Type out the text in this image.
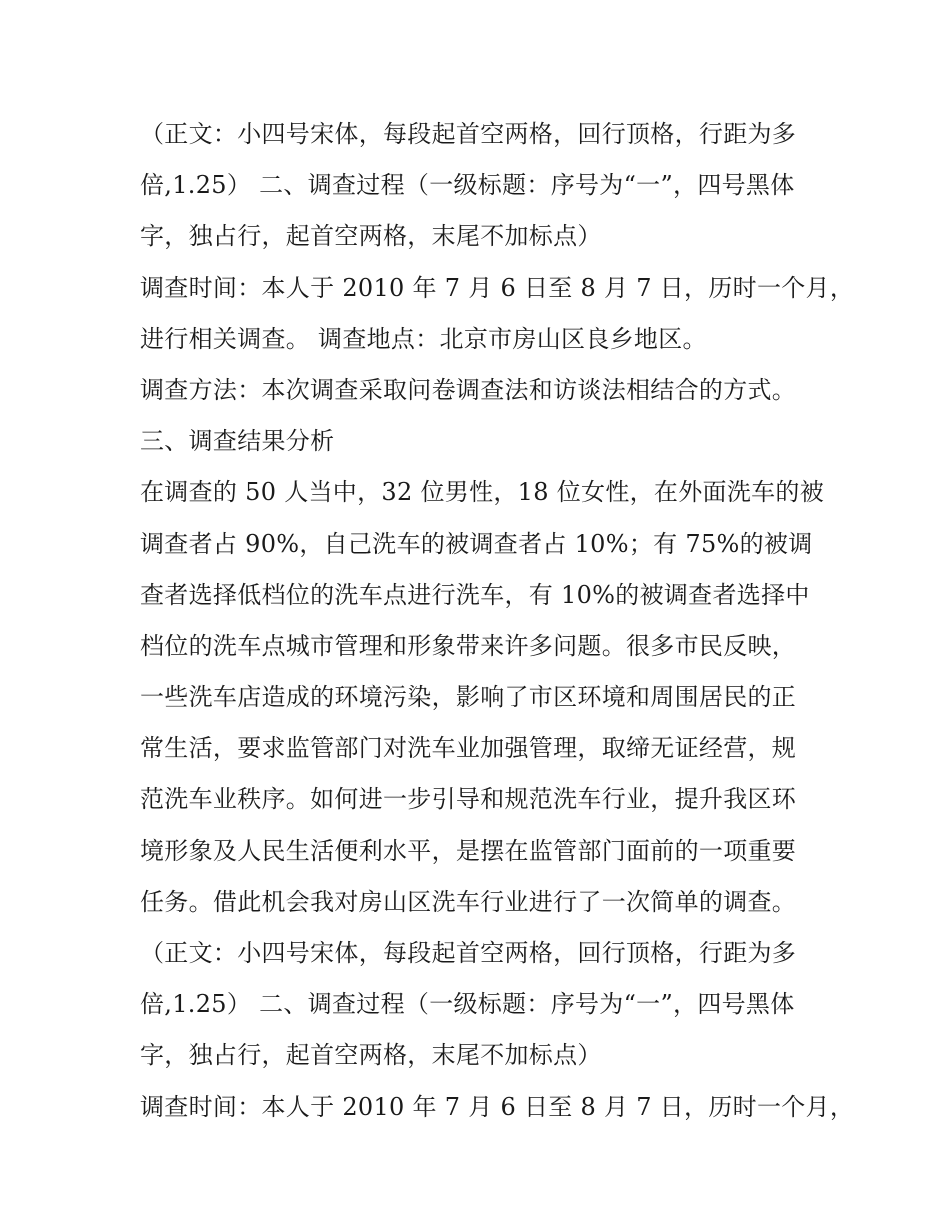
（正文：小四号宋体，每段起首空两格，回行顶格，行距为多
倍,1.25） 二、调查过程（一级标题：序号为“一”，四号黑体
字，独占行，起首空两格，末尾不加标点）
调查时间：本人于 2010 年 7 月 6 日至 8 月 7 日，历时一个月，
进行相关调查。 调查地点：北京市房山区良乡地区。
调查方法：本次调查采取问卷调查法和访谈法相结合的方式。
三、调查结果分析
在调查的 50 人当中，32 位男性，18 位女性，在外面洗车的被
调查者占 90%，自己洗车的被调查者占 10%；有 75%的被调
查者选择低档位的洗车点进行洗车，有 10%的被调查者选择中
档位的洗车点城市管理和形象带来许多问题。很多市民反映，
一些洗车店造成的环境污染，影响了市区环境和周围居民的正
常生活，要求监管部门对洗车业加强管理，取缔无证经营，规
范洗车业秩序。如何进一步引导和规范洗车行业，提升我区环
境形象及人民生活便利水平，是摆在监管部门面前的一项重要
任务。借此机会我对房山区洗车行业进行了一次简单的调查。
（正文：小四号宋体，每段起首空两格，回行顶格，行距为多
倍,1.25） 二、调查过程（一级标题：序号为“一”，四号黑体
字，独占行，起首空两格，末尾不加标点）
调查时间：本人于 2010 年 7 月 6 日至 8 月 7 日，历时一个月，
